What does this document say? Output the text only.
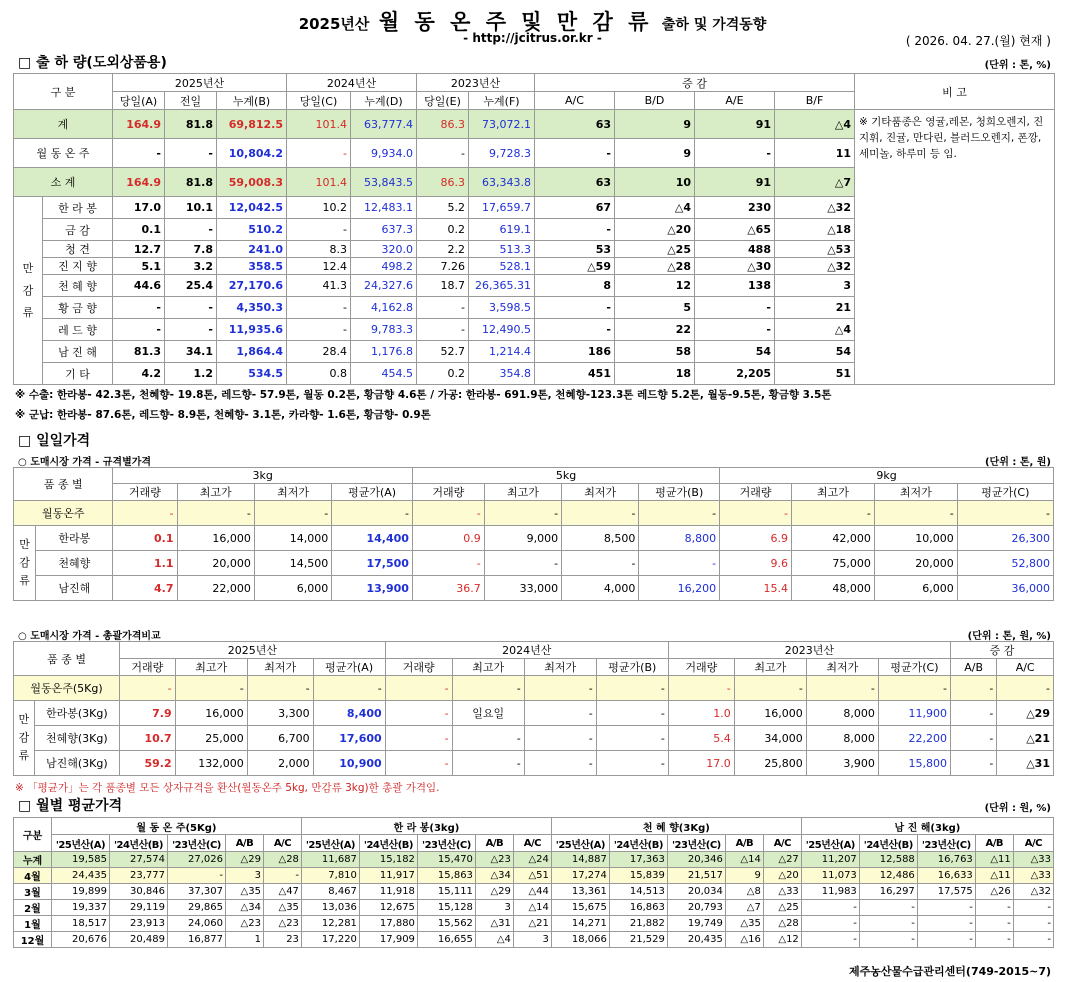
2025년산 월 동 온 주 및 만 감 류 출하 및 가격동향
- http://jcitrus.or.kr -	( 2026. 04. 27.(월) 현재 )
□ 출 하 량(도외상품용)	(단위 : 톤, %)
구 분		2025년산			2024년산		2023년산		증 감				비 고
		당일(A)	전일	누계(B)	당일(C)	누계(D)	당일(E)	누계(F)	A/C	B/D	A/E	B/F	
계		164.9	81.8	69,812.5	101.4	63,777.4	86.3	73,072.1	63	9	91	△4	※ 기타품종은 영귤,레몬, 청희오렌지, 진지휘, 진귤, 만다린, 블러드오렌지, 폰깡,세미놀, 하루미 등 임.
월 동 온 주		-	-	10,804.2	-	9,934.0	-	9,728.3	-	9	-	11	
소 계		164.9	81.8	59,008.3	101.4	53,843.5	86.3	63,343.8	63	10	91	△7	
만
감
류	한 라 봉	17.0	10.1	12,042.5	10.2	12,483.1	5.2	17,659.7	67	△4	230	△32	
	금 감	0.1	-	510.2	-	637.3	0.2	619.1	-	△20	△65	△18	
	청 견	12.7	7.8	241.0	8.3	320.0	2.2	513.3	53	△25	488	△53	
	진 지 향	5.1	3.2	358.5	12.4	498.2	7.26	528.1	△59	△28	△30	△32	
	천 혜 향	44.6	25.4	27,170.6	41.3	24,327.6	18.7	26,365.31	8	12	138	3	
	황 금 향	-	-	4,350.3	-	4,162.8	-	3,598.5	-	5	-	21	
	레 드 향	-	-	11,935.6	-	9,783.3	-	12,490.5	-	22	-	△4	
	남 진 해	81.3	34.1	1,864.4	28.4	1,176.8	52.7	1,214.4	186	58	54	54	
	기 타	4.2	1.2	534.5	0.8	454.5	0.2	354.8	451	18	2,205	51	
※ 수출: 한라봉- 42.3톤, 천혜향- 19.8톤, 레드향- 57.9톤, 월동 0.2톤, 황금향 4.6톤 / 가공: 한라봉- 691.9톤, 천혜향-123.3톤 레드향 5.2톤, 월동-9.5톤, 황금향 3.5톤
※ 군납: 한라봉- 87.6톤, 레드향- 8.9톤, 천혜향- 3.1톤, 카라향- 1.6톤, 황금향- 0.9톤
□ 일일가격
○ 도매시장 가격 - 규격별가격	(단위 : 톤, 원)
품 종 별		3kg				5kg				9kg			
		거래량	최고가	최저가	평균가(A)	거래량	최고가	최저가	평균가(B)	거래량	최고가	최저가	평균가(C)
월동온주		-	-	-	-	-	-	-	-	-	-	-	-
만
감
류	한라봉	0.1	16,000	14,000	14,400	0.9	9,000	8,500	8,800	6.9	42,000	10,000	26,300
	천혜향	1.1	20,000	14,500	17,500	-	-	-	-	9.6	75,000	20,000	52,800
	남진해	4.7	22,000	6,000	13,900	36.7	33,000	4,000	16,200	15.4	48,000	6,000	36,000
○ 도매시장 가격 - 총괄가격비교	(단위 : 톤, 원, %)
품 종 별		2025년산				2024년산				2023년산				증 감	
		거래량	최고가	최저가	평균가(A)	거래량	최고가	최저가	평균가(B)	거래량	최고가	최저가	평균가(C)	A/B	A/C
월동온주(5Kg)		-	-	-	-	-	-	-	-	-	-	-	-	-	-
만
감
류	한라봉(3Kg)	7.9	16,000	3,300	8,400	-	일요일	-	-	1.0	16,000	8,000	11,900	-	△29
	천혜향(3Kg)	10.7	25,000	6,700	17,600	-	-	-	-	5.4	34,000	8,000	22,200	-	△21
	남진해(3Kg)	59.2	132,000	2,000	10,900	-	-	-	-	17.0	25,800	3,900	15,800	-	△31
※ 「평균가」는 각 품종별 모든 상자규격을 환산(월동온주 5kg, 만감류 3kg)한 총괄 가격임.
□ 월별 평균가격	(단위 : 원, %)
구분	월 동 온 주(5Kg)					한 라 봉(3kg)					천 혜 향(3Kg)					남 진 해(3kg)				
	'25년산(A)	'24년산(B)	'23년산(C)	A/B	A/C	'25년산(A)	'24년산(B)	'23년산(C)	A/B	A/C	'25년산(A)	'24년산(B)	'23년산(C)	A/B	A/C	'25년산(A)	'24년산(B)	'23년산(C)	A/B	A/C
누계	19,585	27,574	27,026	△29	△28	11,687	15,182	15,470	△23	△24	14,887	17,363	20,346	△14	△27	11,207	12,588	16,763	△11	△33
4월	24,435	23,777	-	3	-	7,810	11,917	15,863	△34	△51	17,274	15,839	21,517	9	△20	11,073	12,486	16,633	△11	△33
3월	19,899	30,846	37,307	△35	△47	8,467	11,918	15,111	△29	△44	13,361	14,513	20,034	△8	△33	11,983	16,297	17,575	△26	△32
2월	19,337	29,119	29,865	△34	△35	13,036	12,675	15,128	3	△14	15,675	16,863	20,793	△7	△25	-	-	-	-	-
1월	18,517	23,913	24,060	△23	△23	12,281	17,880	15,562	△31	△21	14,271	21,882	19,749	△35	△28	-	-	-	-	-
12월	20,676	20,489	16,877	1	23	17,220	17,909	16,655	△4	3	18,066	21,529	20,435	△16	△12	-	-	-	-	-
제주농산물수급관리센터(749-2015~7)
